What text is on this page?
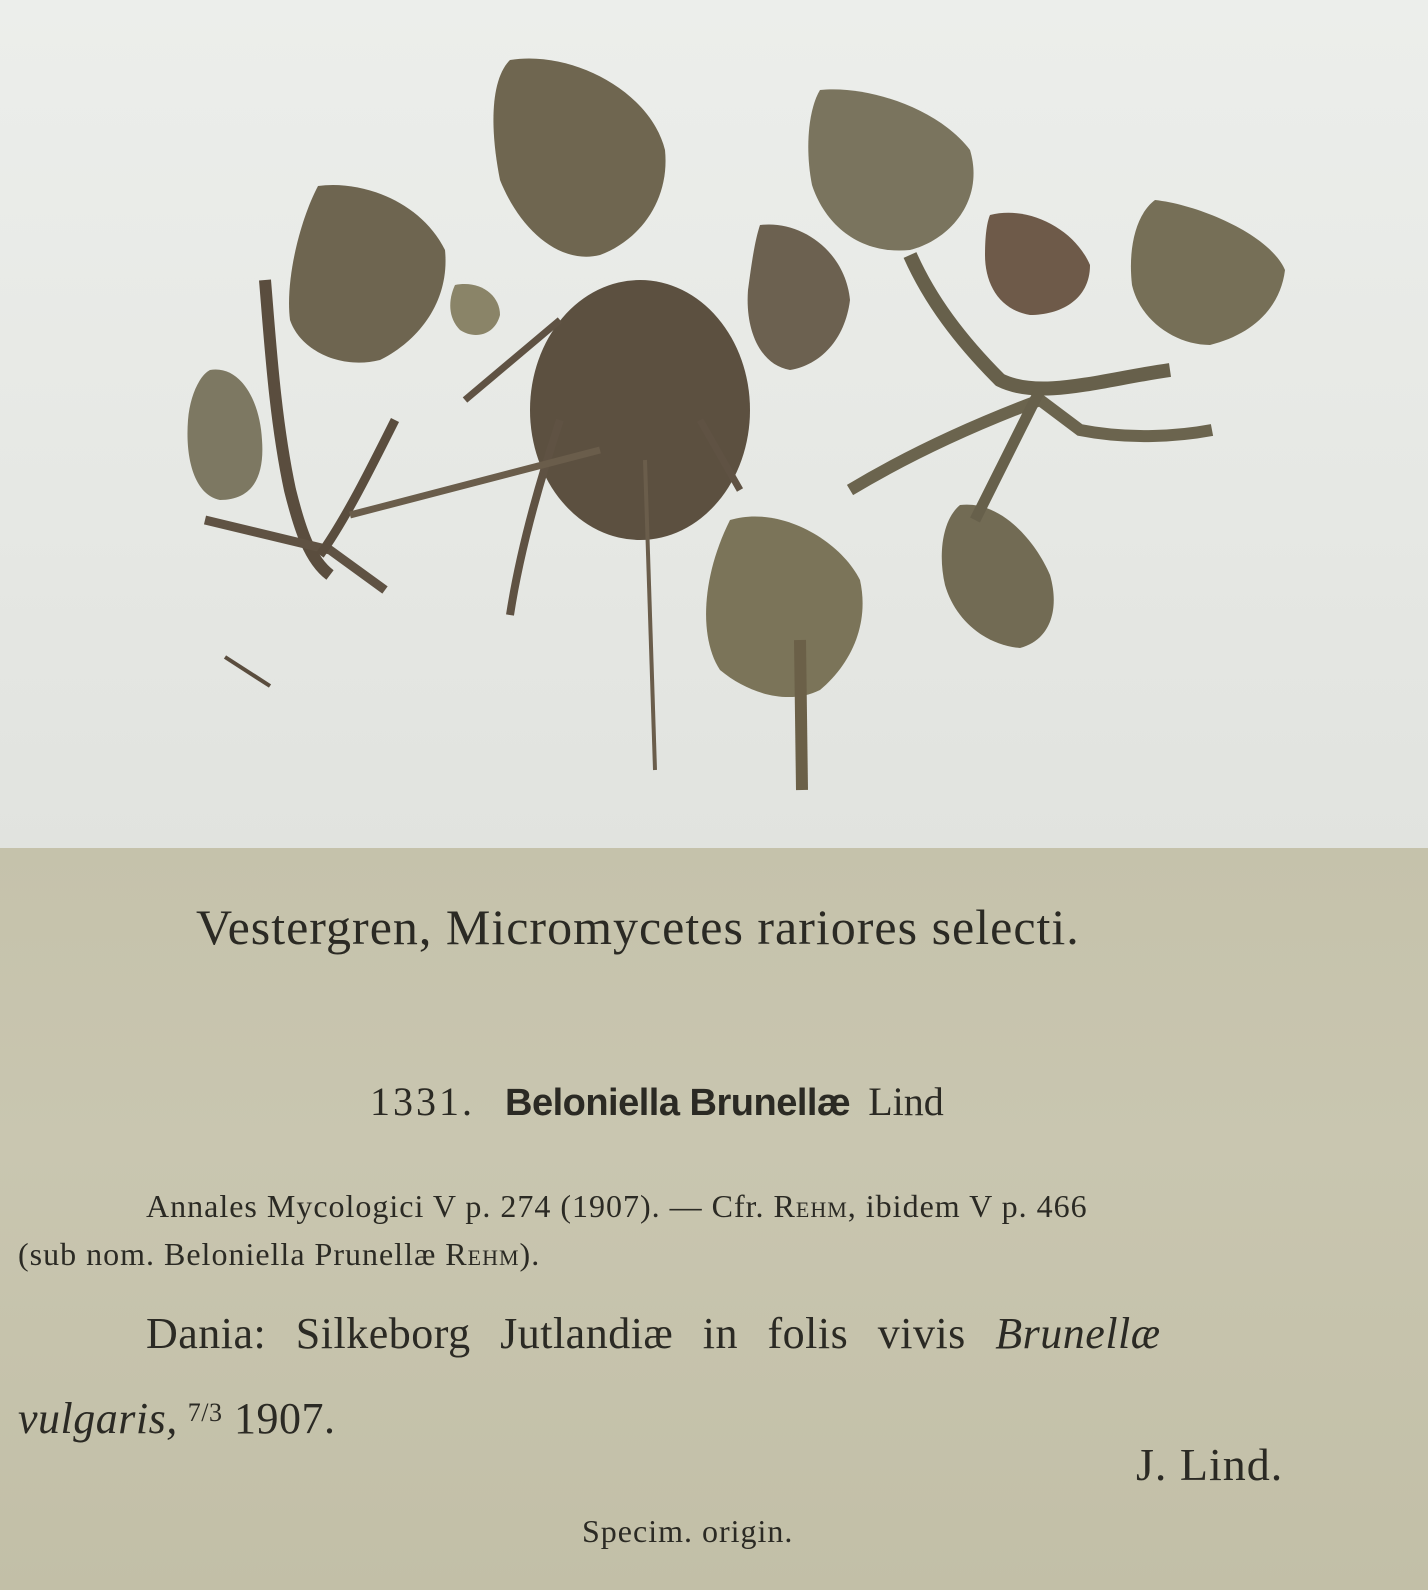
Vestergren, Micromycetes rariores selecti.
1331. Beloniella Brunellæ Lind
Annales Mycologici V p. 274 (1907). — Cfr. Rehm, ibidem V p. 466
(sub nom. Beloniella Prunellæ Rehm).
Dania: Silkeborg Jutlandiæ in folis vivis Brunellæ
vulgaris, $^{7/3}$ 1907.
J. Lind.
Specim. origin.
